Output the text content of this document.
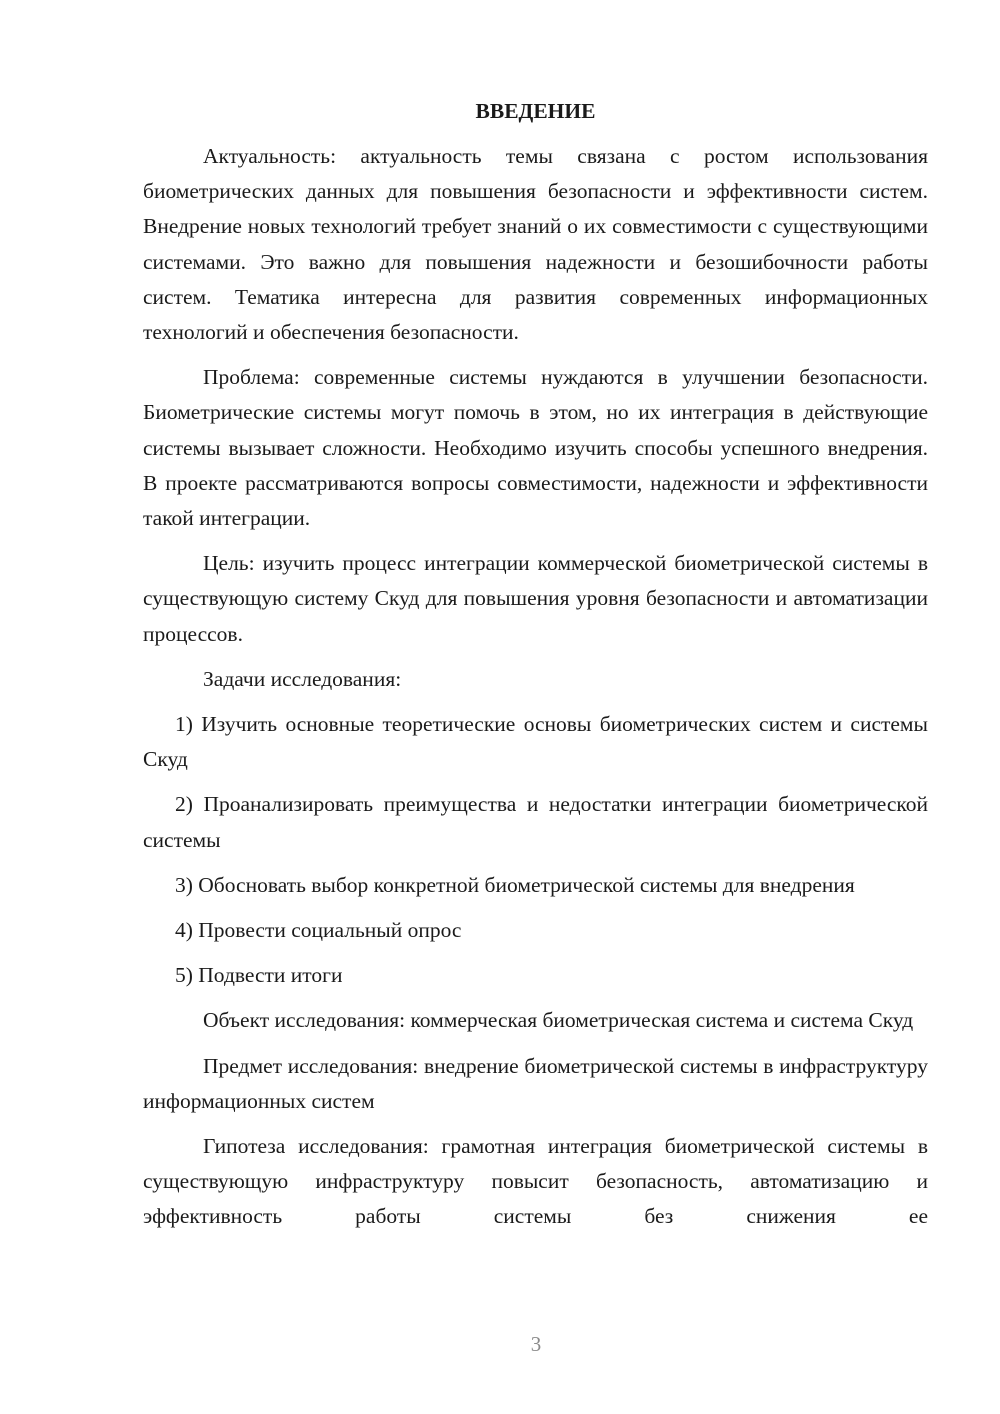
ВВЕДЕНИЕ

Актуальность: актуальность темы связана с ростом использования биометрических данных для повышения безопасности и эффективности систем. Внедрение новых технологий требует знаний о их совместимости с существующими системами. Это важно для повышения надежности и безошибочности работы систем. Тематика интересна для развития современных информационных технологий и обеспечения безопасности.

Проблема: современные системы нуждаются в улучшении безопасности. Биометрические системы могут помочь в этом, но их интеграция в действующие системы вызывает сложности. Необходимо изучить способы успешного внедрения. В проекте рассматриваются вопросы совместимости, надежности и эффективности такой интеграции.

Цель: изучить процесс интеграции коммерческой биометрической системы в существующую систему Скуд для повышения уровня безопасности и автоматизации процессов.

Задачи исследования:

1) Изучить основные теоретические основы биометрических систем и системы Скуд

2) Проанализировать преимущества и недостатки интеграции биометрической системы

3) Обосновать выбор конкретной биометрической системы для внедрения

4) Провести социальный опрос

5) Подвести итоги

Объект исследования: коммерческая биометрическая система и система Скуд

Предмет исследования: внедрение биометрической системы в инфраструктуру информационных систем

Гипотеза исследования: грамотная интеграция биометрической системы в существующую инфраструктуру повысит безопасность, автоматизацию и эффективность работы системы без снижения ее

3
